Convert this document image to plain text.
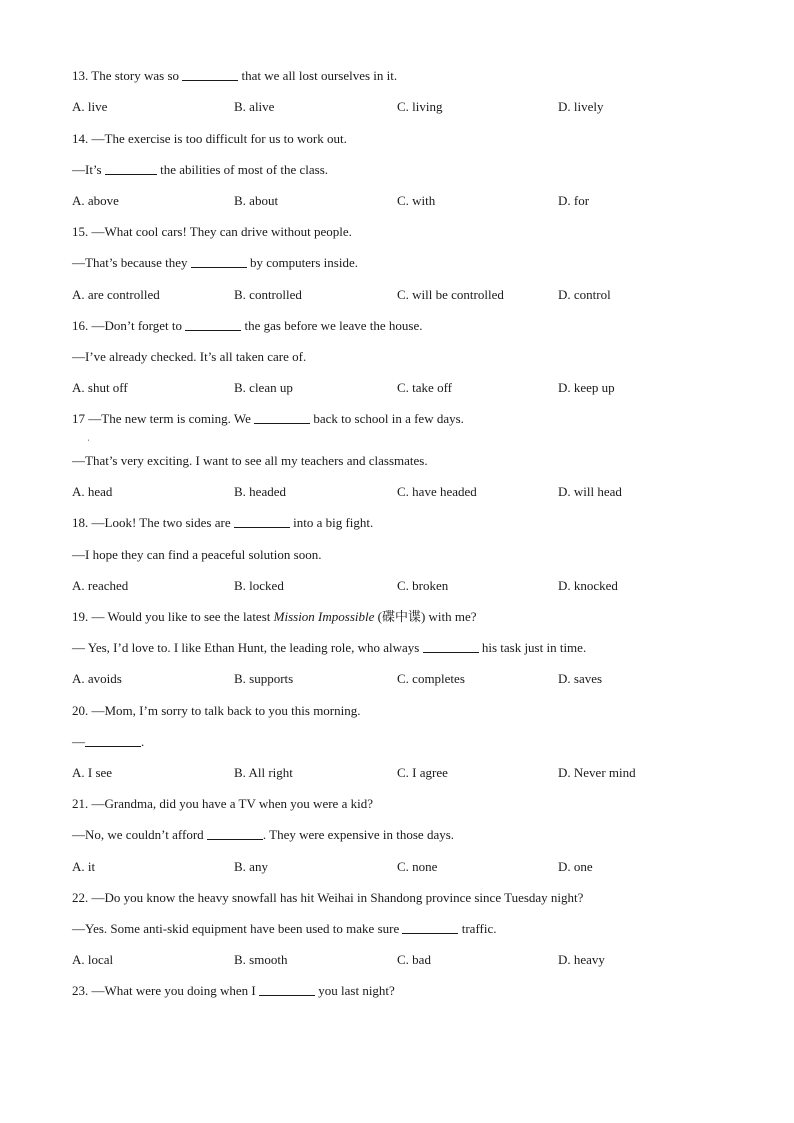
13. The story was so	that we all lost ourselves in it.
A. live	B. alive	C. living	D. lively
14. —The exercise is too difficult for us to work out.
—It’s	the abilities of most of the class.
A. above	B. about	C. with	D. for
15. —What cool cars! They can drive without people.
—That’s because they	by computers inside.
A. are controlled	B. controlled	C. will be controlled	D. control
16. —Don’t forget to	the gas before we leave the house.
—I’ve already checked. It’s all taken care of.
A. shut off	B. clean up	C. take off	D. keep up
17 —The new term is coming. We	back to school in a few days.
ˌ
—That’s very exciting. I want to see all my teachers and classmates.
A. head	B. headed	C. have headed	D. will head
18. —Look! The two sides are	into a big fight.
—I hope they can find a peaceful solution soon.
A. reached	B. locked	C. broken	D. knocked
19. — Would you like to see the latest Mission Impossible (碟中谍) with me?
— Yes, I’d love to. I like Ethan Hunt, the leading role, who always	his task just in time.
A. avoids	B. supports	C. completes	D. saves
20. —Mom, I’m sorry to talk back to you this morning.
—	.
A. I see	B. All right	C. I agree	D. Never mind
21. —Grandma, did you have a TV when you were a kid?
—No, we couldn’t afford	. They were expensive in those days.
A. it	B. any	C. none	D. one
22. —Do you know the heavy snowfall has hit Weihai in Shandong province since Tuesday night?
—Yes. Some anti-skid equipment have been used to make sure	traffic.
A. local	B. smooth	C. bad	D. heavy
23. —What were you doing when I	you last night?
